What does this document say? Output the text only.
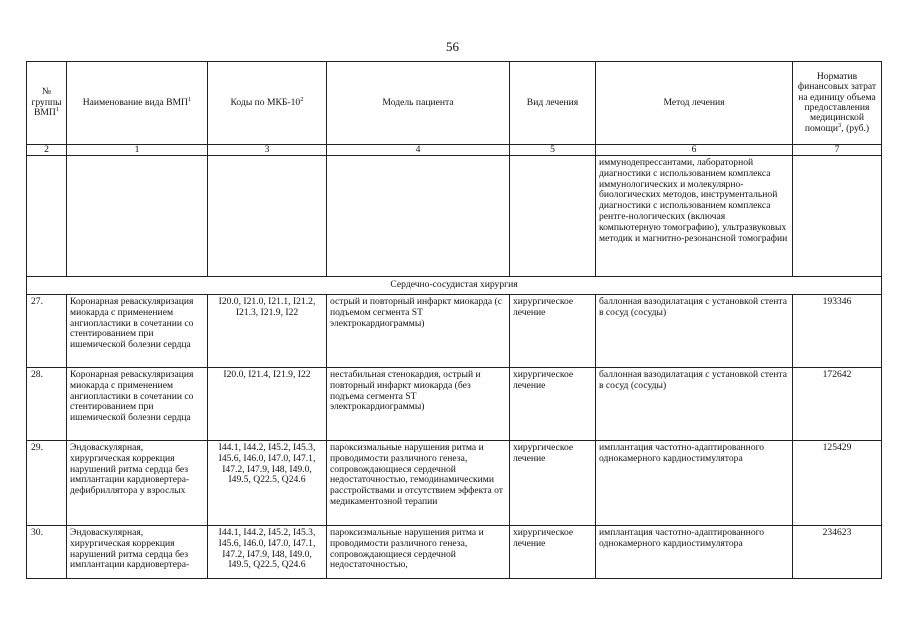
56
№ группы ВМП$^1$	Наименование вида ВМП$^1$	Коды по МКБ-$10^2$	Модель пациента	Вид лечения	Метод лечения	Норматив финансовых затрат на единицу объема предоставления медицинской помощи$^3$, (руб.)
2	1	3	4	5	6	7
					иммунодепрессантами, лабораторной диагностики с использованием комплекса иммунологических и молекулярно-биологических методов, инструментальной диагностики с использованием комплекса рентге-нологических (включая компьютерную томографию), ультразвуковых методик и магнитно-резонансной томографии	
Сердечно-сосудистая хирургия						
27.	Коронарная реваскуляризация миокарда с применением ангиопластики в сочетании со стентированием при ишемической болезни сердца	I20.0, I21.0, I21.1, I21.2, I21.3, I21.9, I22	острый и повторный инфаркт миокарда (с подъемом сегмента ST электрокардиограммы)	хирургическое лечение	баллонная вазодилатация с установкой стента в сосуд (сосуды)	193346
28.	Коронарная реваскуляризация миокарда с применением ангиопластики в сочетании со стентированием при ишемической болезни сердца	I20.0, I21.4, I21.9, I22	нестабильная стенокардия, острый и повторный инфаркт миокарда (без подъема сегмента ST электрокардиограммы)	хирургическое лечение	баллонная вазодилатация с установкой стента в сосуд (сосуды)	172642
29.	Эндоваскулярная, хирургическая коррекция нарушений ритма сердца без имплантации кардиовертера-дефибриллятора у взрослых	I44.1, I44.2, I45.2, I45.3, I45.6, I46.0, I47.0, I47.1, I47.2, I47.9, I48, I49.0, I49.5, Q22.5, Q24.6	пароксизмальные нарушения ритма и проводимости различного генеза, сопровождающиеся сердечной недостаточностью, гемодинамическими расстройствами и отсутствием эффекта от медикаментозной терапии	хирургическое лечение	имплантация частотно-адаптированного однокамерного кардиостимулятора	125429
30.	Эндоваскулярная, хирургическая коррекция нарушений ритма сердца без имплантации кардиовертера-	I44.1, I44.2, I45.2, I45.3, I45.6, I46.0, I47.0, I47.1, I47.2, I47.9, I48, I49.0, I49.5, Q22.5, Q24.6	пароксизмальные нарушения ритма и проводимости различного генеза, сопровождающиеся сердечной недостаточностью,	хирургическое лечение	имплантация частотно-адаптированного однокамерного кардиостимулятора	234623
